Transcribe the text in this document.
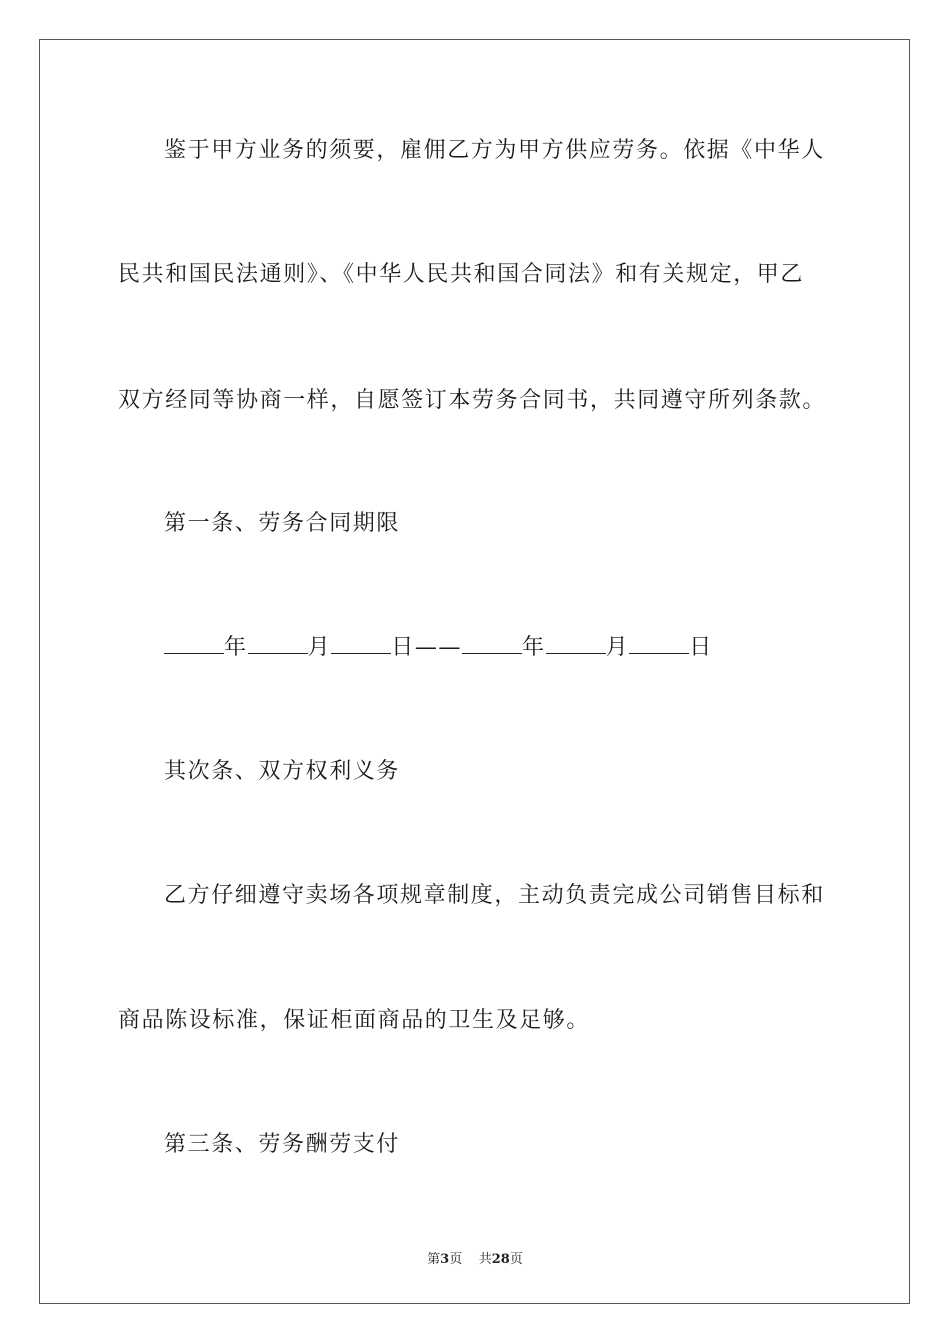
鉴于甲方业务的须要，雇佣乙方为甲方供应劳务。依据《中华人

民共和国民法通则》、《中华人民共和国合同法》和有关规定，甲乙

双方经同等协商一样，自愿签订本劳务合同书，共同遵守所列条款。

第一条、劳务合同期限

年	月	日——	年	月	日

其次条、双方权利义务

乙方仔细遵守卖场各项规章制度，主动负责完成公司销售目标和

商品陈设标准，保证柜面商品的卫生及足够。

第三条、劳务酬劳支付

第3页 共28页
